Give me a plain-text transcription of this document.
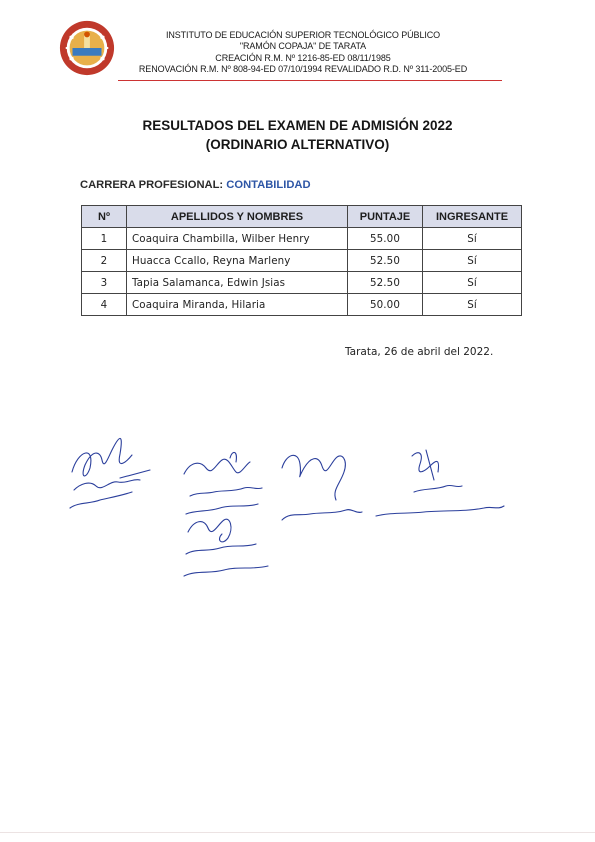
INSTITUTO DE EDUCACIÓN SUPERIOR TECNOLÓGICO PÚBLICO
"RAMÓN COPAJA" DE TARATA
CREACIÓN R.M. Nº 1216-85-ED 08/11/1985
RENOVACIÓN R.M. Nº 808-94-ED 07/10/1994 REVALIDADO R.D. Nº 311-2005-ED
RESULTADOS DEL EXAMEN DE ADMISIÓN 2022
(ORDINARIO ALTERNATIVO)
CARRERA PROFESIONAL: CONTABILIDAD
Nº	APELLIDOS Y NOMBRES	PUNTAJE	INGRESANTE
1	Coaquira Chambilla, Wilber Henry	55.00	Sí
2	Huacca Ccallo, Reyna Marleny	52.50	Sí
3	Tapia Salamanca, Edwin Jsias	52.50	Sí
4	Coaquira Miranda, Hilaria	50.00	Sí
Tarata, 26 de abril del 2022.
